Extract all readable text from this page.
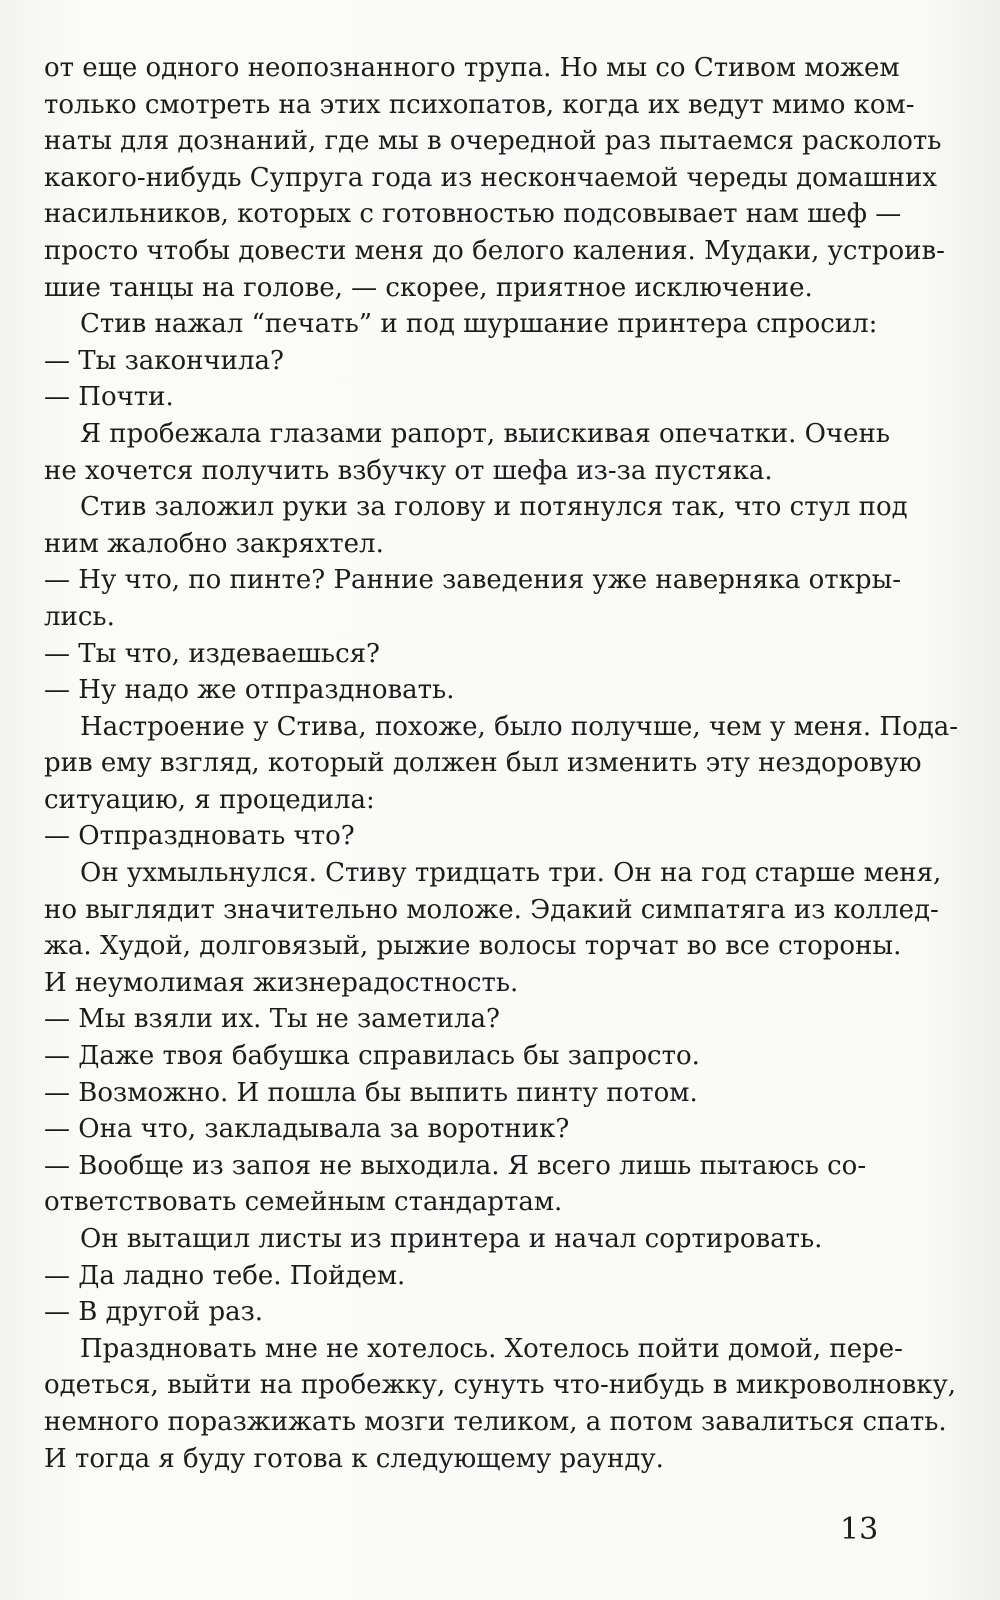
от еще одного неопознанного трупа. Но мы со Стивом можем
только смотреть на этих психопатов, когда их ведут мимо ком-
наты для дознаний, где мы в очередной раз пытаемся расколоть
какого-нибудь Супруга года из нескончаемой череды домашних
насильников, которых с готовностью подсовывает нам шеф —
просто чтобы довести меня до белого каления. Мудаки, устроив-
шие танцы на голове, — скорее, приятное исключение.
Стив нажал “печать” и под шуршание принтера спросил:
— Ты закончила?
— Почти.
Я пробежала глазами рапорт, выискивая опечатки. Очень
не хочется получить взбучку от шефа из-за пустяка.
Стив заложил руки за голову и потянулся так, что стул под
ним жалобно закряхтел.
— Ну что, по пинте? Ранние заведения уже наверняка откры-
лись.
— Ты что, издеваешься?
— Ну надо же отпраздновать.
Настроение у Стива, похоже, было получше, чем у меня. Пода-
рив ему взгляд, который должен был изменить эту нездоровую
ситуацию, я процедила:
— Отпраздновать что?
Он ухмыльнулся. Стиву тридцать три. Он на год старше меня,
но выглядит значительно моложе. Эдакий симпатяга из коллед-
жа. Худой, долговязый, рыжие волосы торчат во все стороны.
И неумолимая жизнерадостность.
— Мы взяли их. Ты не заметила?
— Даже твоя бабушка справилась бы запросто.
— Возможно. И пошла бы выпить пинту потом.
— Она что, закладывала за воротник?
— Вообще из запоя не выходила. Я всего лишь пытаюсь со-
ответствовать семейным стандартам.
Он вытащил листы из принтера и начал сортировать.
— Да ладно тебе. Пойдем.
— В другой раз.
Праздновать мне не хотелось. Хотелось пойти домой, пере-
одеться, выйти на пробежку, сунуть что-нибудь в микроволновку,
немного поразжижать мозги теликом, а потом завалиться спать.
И тогда я буду готова к следующему раунду.
13
